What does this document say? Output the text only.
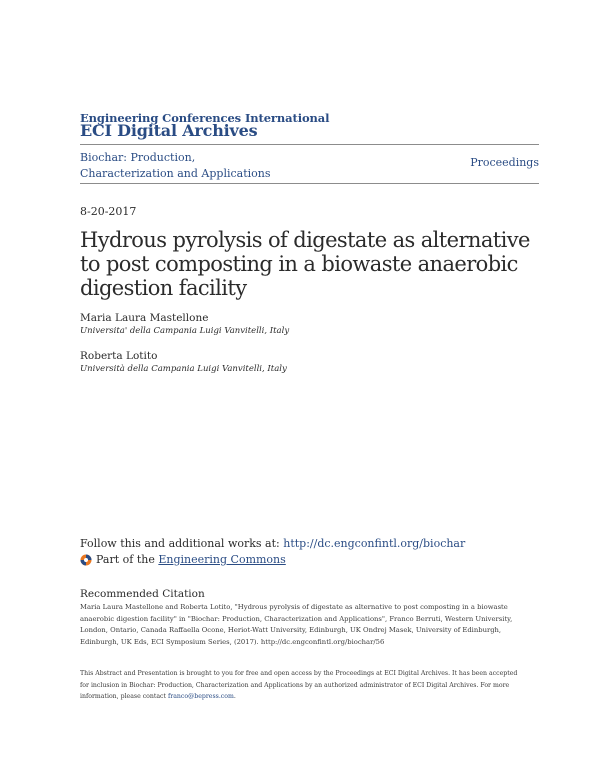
Engineering Conferences International
ECI Digital Archives
Biochar: Production, Characterization and Applications
Proceedings
8-20-2017
Hydrous pyrolysis of digestate as alternative to post composting in a biowaste anaerobic digestion facility
Maria Laura Mastellone
Universita' della Campania Luigi Vanvitelli, Italy
Roberta Lotito
Università della Campania Luigi Vanvitelli, Italy
Follow this and additional works at: http://dc.engconfintl.org/biochar
Part of the
Engineering Commons
Recommended Citation
Maria Laura Mastellone and Roberta Lotito, "Hydrous pyrolysis of digestate as alternative to post composting in a biowaste anaerobic digestion facility" in "Biochar: Production, Characterization and Applications", Franco Berruti, Western University, London, Ontario, Canada Raffaella Ocone, Heriot-Watt University, Edinburgh, UK Ondrej Masek, University of Edinburgh, Edinburgh, UK Eds, ECI Symposium Series, (2017). http://dc.engconfintl.org/biochar/56
This Abstract and Presentation is brought to you for free and open access by the Proceedings at ECI Digital Archives. It has been accepted for inclusion in Biochar: Production, Characterization and Applications by an authorized administrator of ECI Digital Archives. For more information, please contact franco@bepress.com.
